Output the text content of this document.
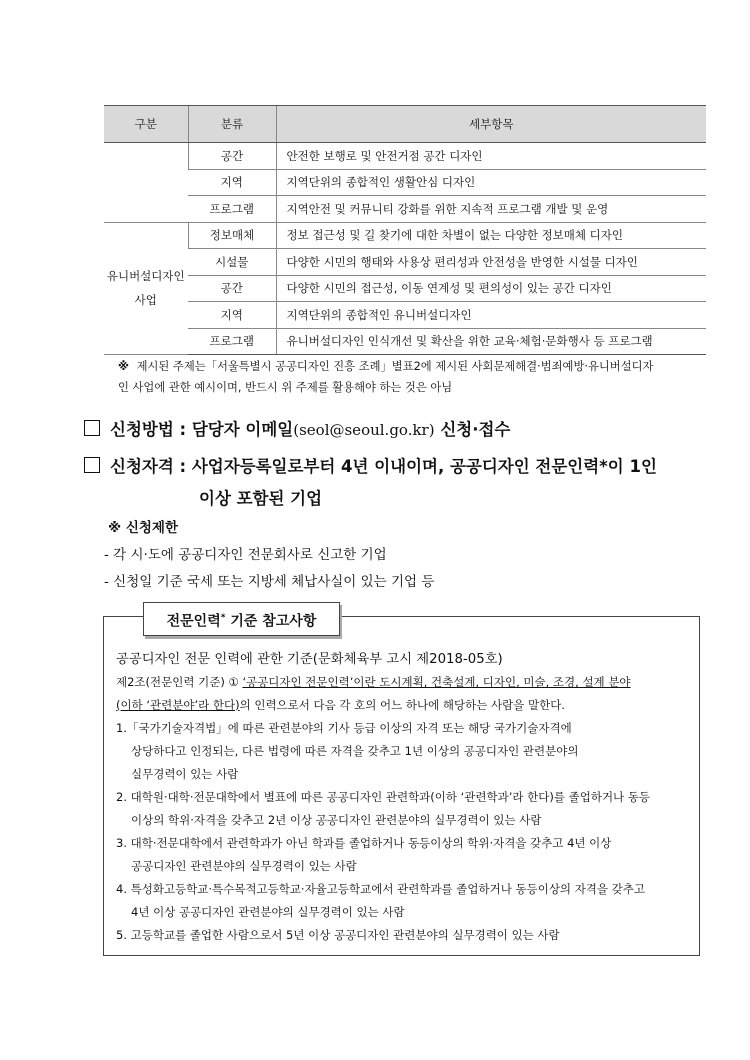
구분	분류	세부항목
	공간	안전한 보행로 및 안전거점 공간 디자인
	지역	지역단위의 종합적인 생활안심 디자인
	프로그램	지역안전 및 커뮤니티 강화를 위한 지속적 프로그램 개발 및 운영
유니버설디자인
사업	정보매체	정보 접근성 및 길 찾기에 대한 차별이 없는 다양한 정보매체 디자인
	시설물	다양한 시민의 행태와 사용상 편리성과 안전성을 반영한 시설물 디자인
	공간	다양한 시민의 접근성, 이동 연계성 및 편의성이 있는 공간 디자인
	지역	지역단위의 종합적인 유니버설디자인
	프로그램	유니버설디자인 인식개선 및 확산을 위한 교육·체험·문화행사 등 프로그램
※ 제시된 주제는「서울특별시 공공디자인 진흥 조례」별표2에 제시된 사회문제해결·범죄예방·유니버설디자
인 사업에 관한 예시이며, 반드시 위 주제를 활용해야 하는 것은 아님
신청방법 : 담당자 이메일(seol@seoul.go.kr) 신청·접수
신청자격 : 사업자등록일로부터 4년 이내이며, 공공디자인 전문인력*이 1인
이상 포함된 기업
※ 신청제한
- 각 시·도에 공공디자인 전문회사로 신고한 기업
- 신청일 기준 국세 또는 지방세 체납사실이 있는 기업 등
전문인력* 기준 참고사항
공공디자인 전문 인력에 관한 기준(문화체육부 고시 제2018-05호)
제2조(전문인력 기준) ① ‘공공디자인 전문인력’이란 도시계획, 건축설계, 디자인, 미술, 조경, 설계 분야
(이하 ‘관련분야’라 한다)의 인력으로서 다음 각 호의 어느 하나에 해당하는 사람을 말한다.
1.「국가기술자격법」에 따른 관련분야의 기사 등급 이상의 자격 또는 해당 국가기술자격에
상당하다고 인정되는, 다른 법령에 따른 자격을 갖추고 1년 이상의 공공디자인 관련분야의
실무경력이 있는 사람
2. 대학원·대학·전문대학에서 별표에 따른 공공디자인 관련학과(이하 ‘관련학과’라 한다)를 졸업하거나 동등
이상의 학위·자격을 갖추고 2년 이상 공공디자인 관련분야의 실무경력이 있는 사람
3. 대학·전문대학에서 관련학과가 아닌 학과를 졸업하거나 동등이상의 학위·자격을 갖추고 4년 이상
공공디자인 관련분야의 실무경력이 있는 사람
4. 특성화고등학교·특수목적고등학교·자율고등학교에서 관련학과를 졸업하거나 동등이상의 자격을 갖추고
4년 이상 공공디자인 관련분야의 실무경력이 있는 사람
5. 고등학교를 졸업한 사람으로서 5년 이상 공공디자인 관련분야의 실무경력이 있는 사람
